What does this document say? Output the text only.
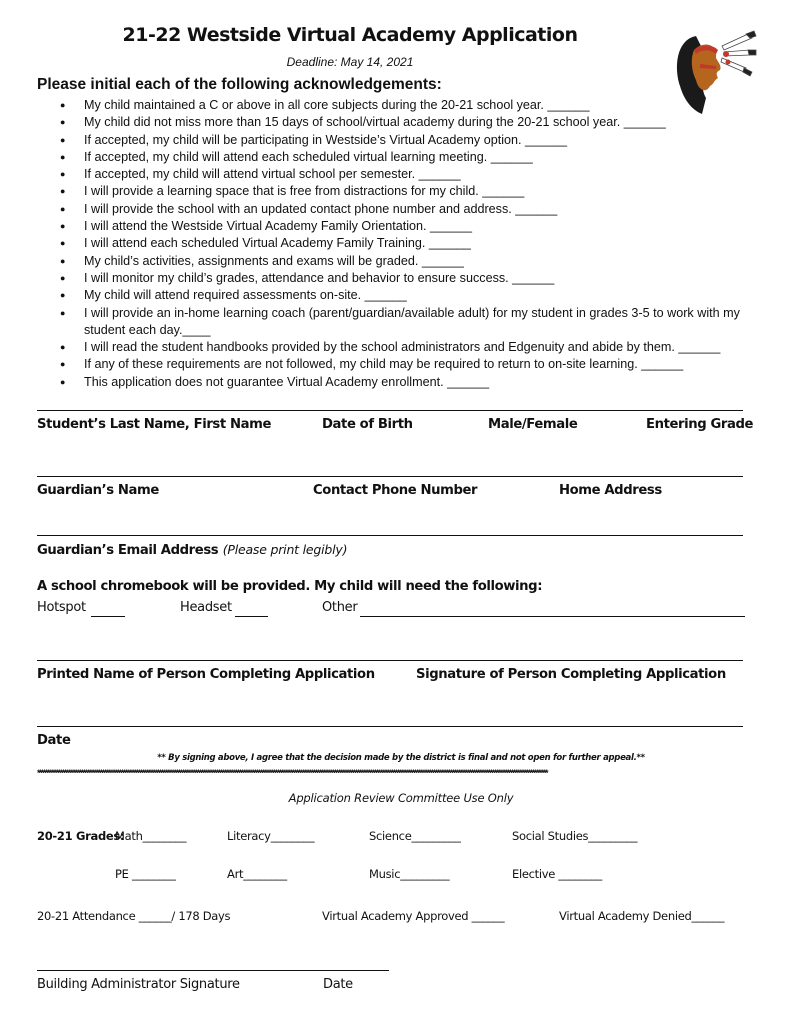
21-22 Westside Virtual Academy Application
Deadline: May 14, 2021
Please initial each of the following acknowledgements:
● My child maintained a C or above in all core subjects during the 20-21 school year. ______
● My child did not miss more than 15 days of school/virtual academy during the 20-21 school year. ______
● If accepted, my child will be participating in Westside’s Virtual Academy option. ______
● If accepted, my child will attend each scheduled virtual learning meeting. ______
● If accepted, my child will attend virtual school per semester. ______
● I will provide a learning space that is free from distractions for my child. ______
● I will provide the school with an updated contact phone number and address. ______
● I will attend the Westside Virtual Academy Family Orientation. ______
● I will attend each scheduled Virtual Academy Family Training. ______
● My child’s activities, assignments and exams will be graded. ______
● I will monitor my child’s grades, attendance and behavior to ensure success. ______
● My child will attend required assessments on-site. ______
● I will provide an in-home learning coach (parent/guardian/available adult) for my student in grades 3-5 to work with my student each day.____
● I will read the student handbooks provided by the school administrators and Edgenuity and abide by them. ______
● If any of these requirements are not followed, my child may be required to return to on-site learning. ______
● This application does not guarantee Virtual Academy enrollment. ______
Student’s Last Name, First Name	Date of Birth	Male/Female	Entering Grade
Guardian’s Name	Contact Phone Number	Home Address
Guardian’s Email Address (Please print legibly)
A school chromebook will be provided. My child will need the following:
Hotspot	Headset	Other
Printed Name of Person Completing Application	Signature of Person Completing Application
Date
** By signing above, I agree that the decision made by the district is final and not open for further appeal.**
****************************************************************************************************************************************************************************************************************************************************************************
Application Review Committee Use Only
20-21 Grades:
Math________	Literacy________	Science_________	Social Studies_________
PE ________	Art________	Music_________	Elective ________
20-21 Attendance ______/ 178 Days	Virtual Academy Approved ______	Virtual Academy Denied______
Building Administrator Signature	Date
